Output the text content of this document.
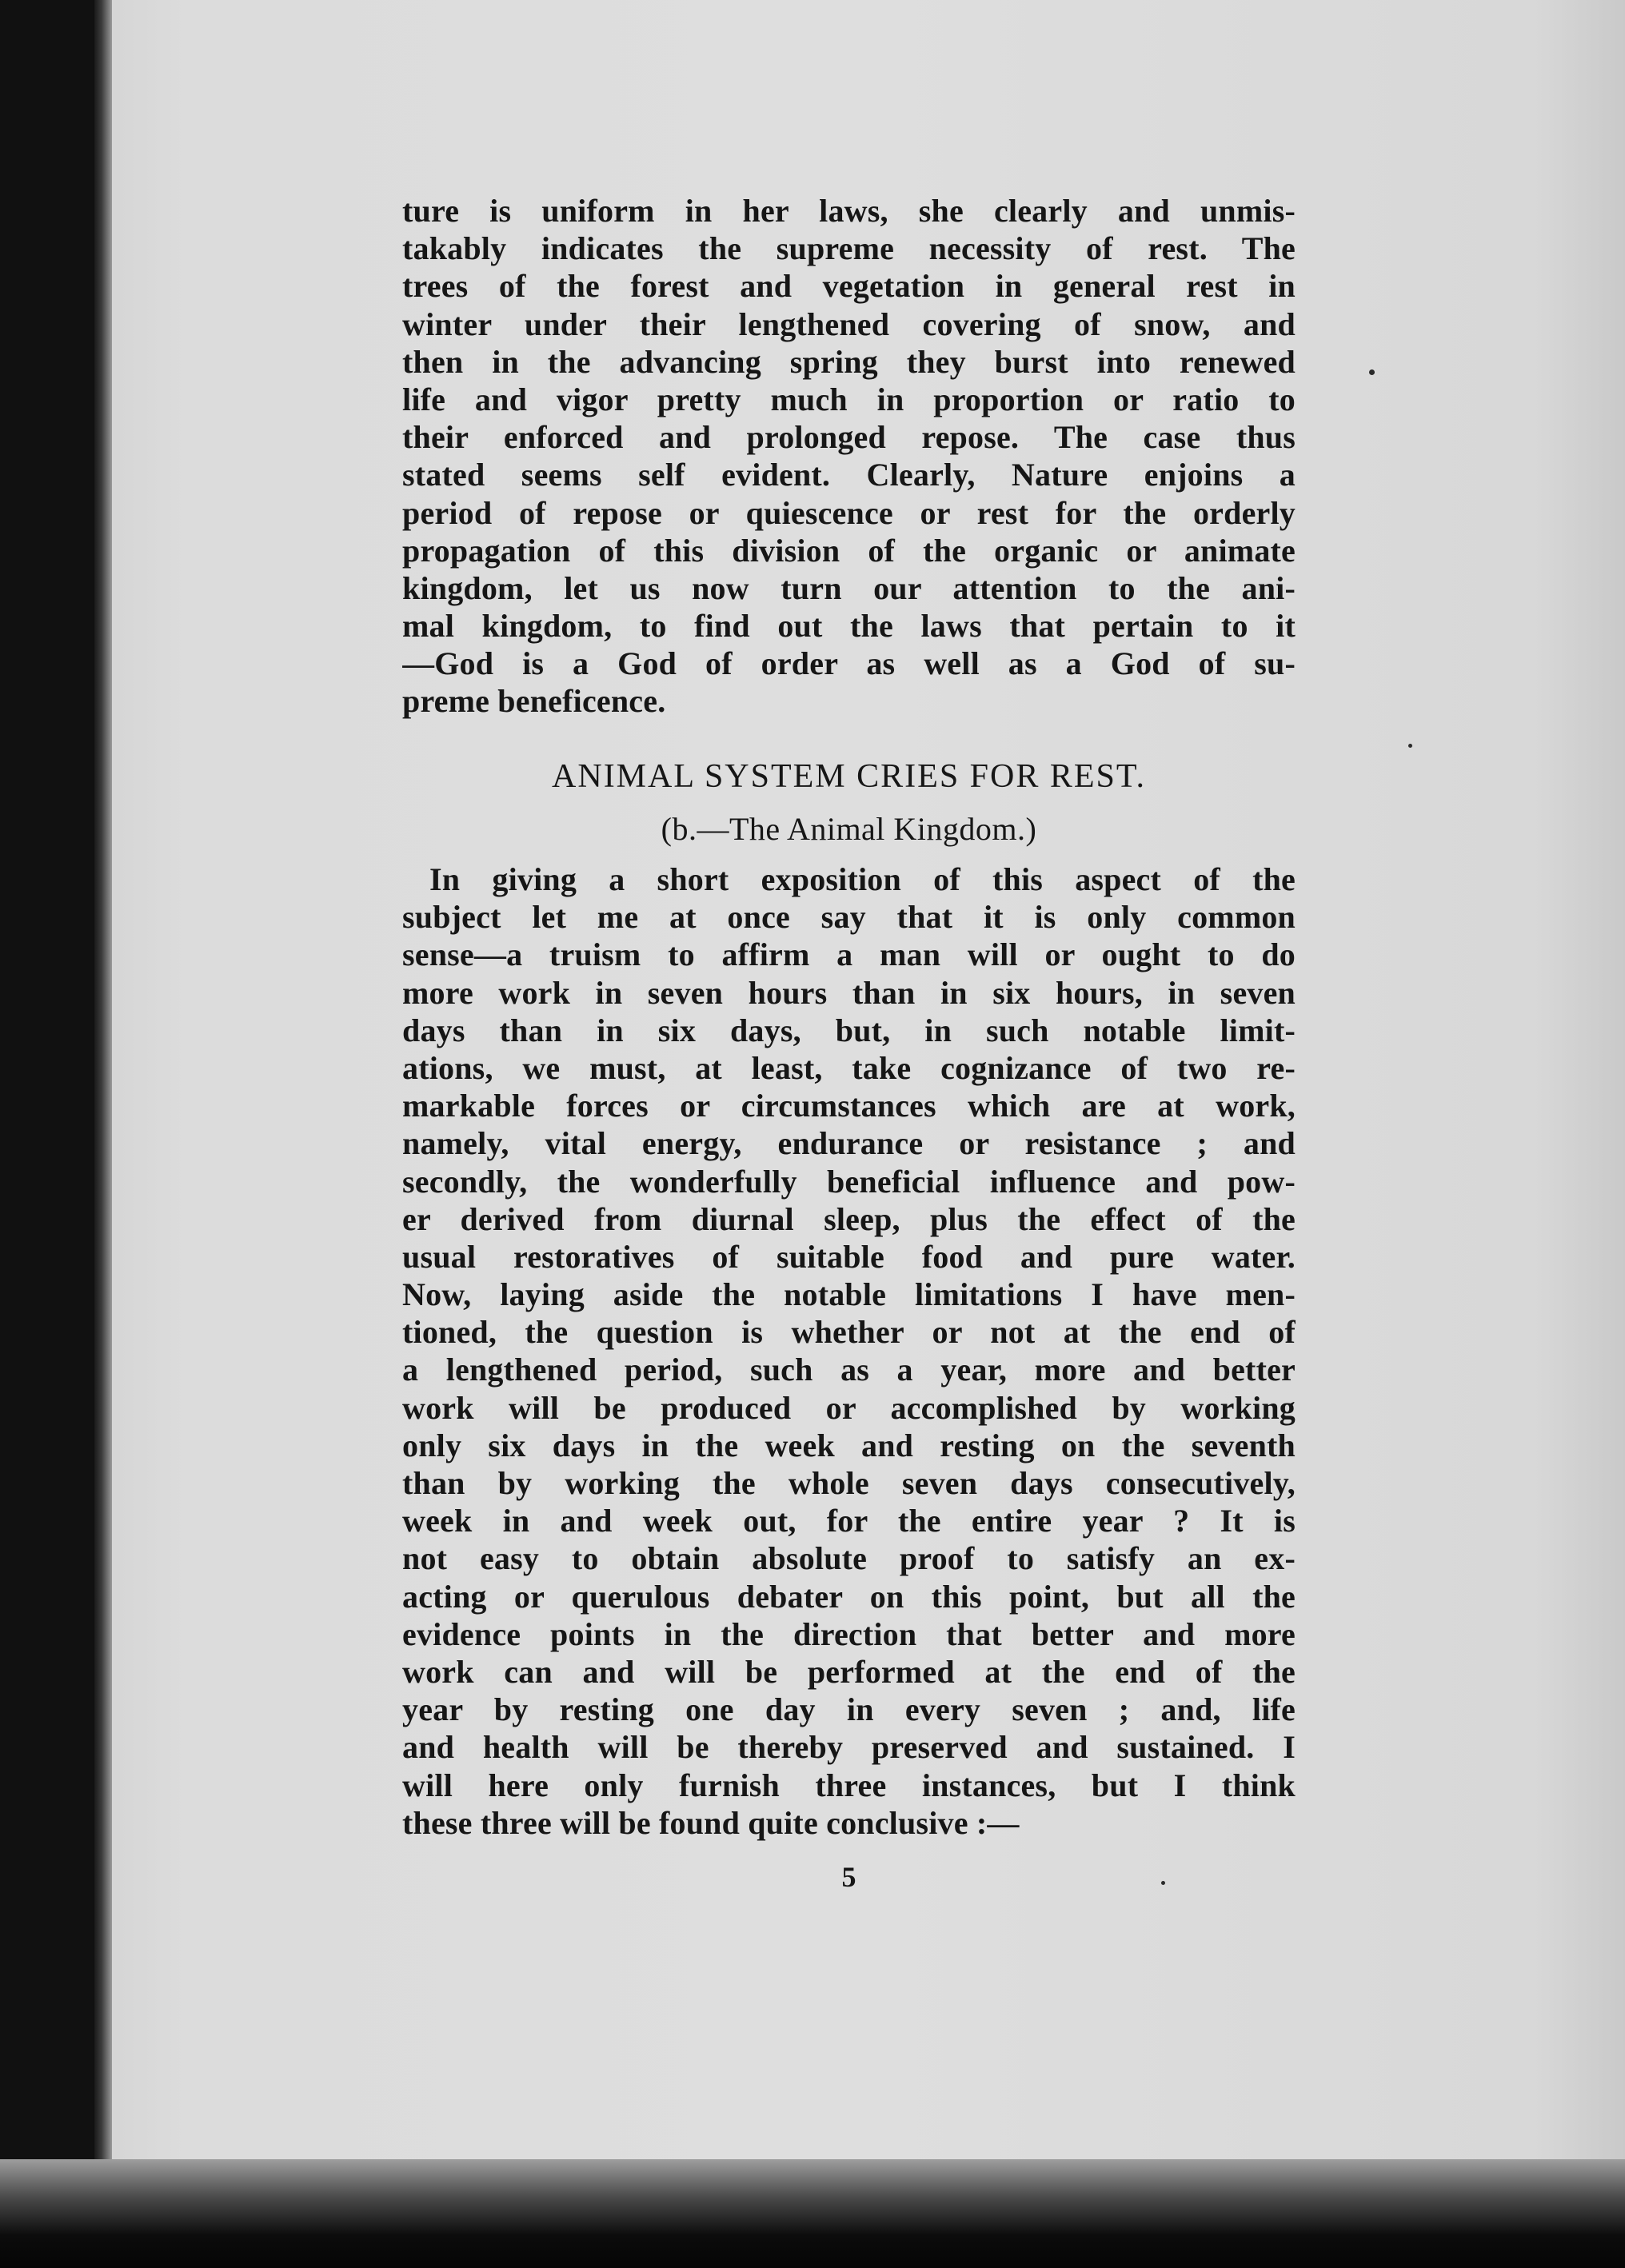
ture is uniform in her laws, she clearly and unmis-
takably indicates the supreme necessity of rest. The
trees of the forest and vegetation in general rest in
winter under their lengthened covering of snow, and
then in the advancing spring they burst into renewed
life and vigor pretty much in proportion or ratio to
their enforced and prolonged repose. The case thus
stated seems self evident. Clearly, Nature enjoins a
period of repose or quiescence or rest for the orderly
propagation of this division of the organic or animate
kingdom, let us now turn our attention to the ani-
mal kingdom, to find out the laws that pertain to it
—God is a God of order as well as a God of su-
preme beneficence.
ANIMAL SYSTEM CRIES FOR REST.
(b.—The Animal Kingdom.)
In giving a short exposition of this aspect of the
subject let me at once say that it is only common
sense—a truism to affirm a man will or ought to do
more work in seven hours than in six hours, in seven
days than in six days, but, in such notable limit-
ations, we must, at least, take cognizance of two re-
markable forces or circumstances which are at work,
namely, vital energy, endurance or resistance ; and
secondly, the wonderfully beneficial influence and pow-
er derived from diurnal sleep, plus the effect of the
usual restoratives of suitable food and pure water.
Now, laying aside the notable limitations I have men-
tioned, the question is whether or not at the end of
a lengthened period, such as a year, more and better
work will be produced or accomplished by working
only six days in the week and resting on the seventh
than by working the whole seven days consecutively,
week in and week out, for the entire year ? It is
not easy to obtain absolute proof to satisfy an ex-
acting or querulous debater on this point, but all the
evidence points in the direction that better and more
work can and will be performed at the end of the
year by resting one day in every seven ; and, life
and health will be thereby preserved and sustained. I
will here only furnish three instances, but I think
these three will be found quite conclusive :—
5
